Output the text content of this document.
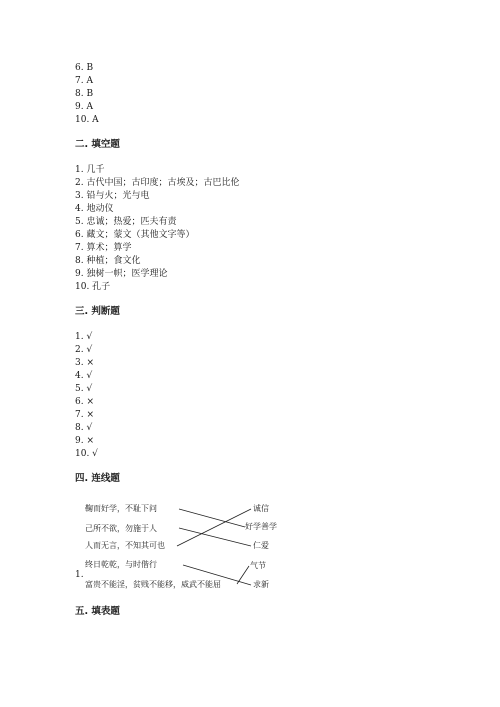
6. B
7. A
8. B
9. A
10. A
二. 填空题
1. 几千
2. 古代中国；古印度；古埃及；古巴比伦
3. 铅与火；光与电
4. 地动仪
5. 忠诚；热爱；匹夫有责
6. 藏文；蒙文（其他文字等）
7. 算术；算学
8. 种植；食文化
9. 独树一帜；医学理论
10. 孔子
三. 判断题
1. √
2. √
3. ×
4. √
5. √
6. ×
7. ×
8. √
9. ×
10. √
四. 连线题
1.
鞠而好学，不耻下问
己所不欲，勿施于人
人而无言，不知其可也
终日乾乾，与时偕行
富贵不能淫，贫贱不能移，威武不能屈
诚信
好学善学
仁爱
气节
求新
五. 填表题
